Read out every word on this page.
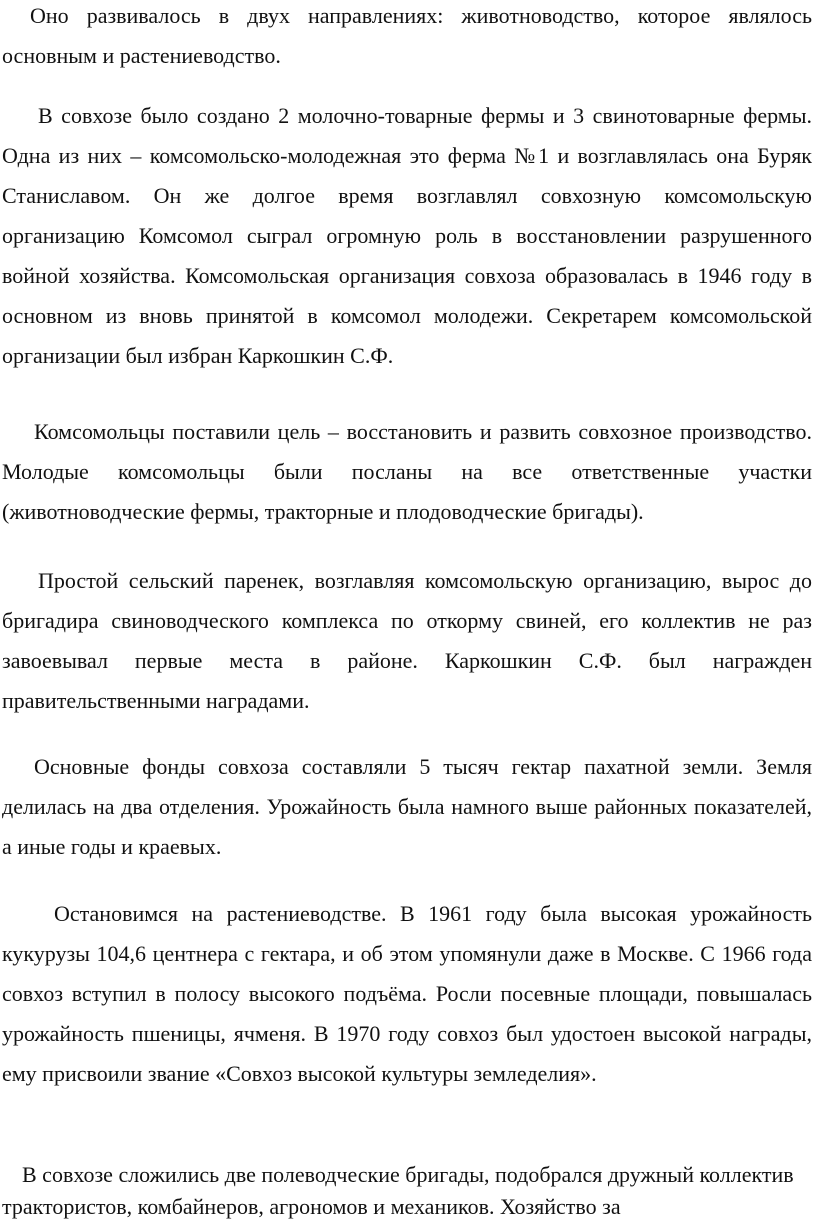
Оно развивалось в двух направлениях: животноводство, которое являлось основным и растениеводство.

В совхозе было создано 2 молочно-товарные фермы и 3 свинотоварные фермы. Одна из них – комсомольско-молодежная это ферма №1 и возглавлялась она Буряк Станиславом. Он же долгое время возглавлял совхозную комсомольскую организацию Комсомол сыграл огромную роль в восстановлении разрушенного войной хозяйства. Комсомольская организация совхоза образовалась в 1946 году в основном из вновь принятой в комсомол молодежи. Секретарем комсомольской организации был избран Каркошкин С.Ф.

Комсомольцы поставили цель – восстановить и развить совхозное производство. Молодые комсомольцы были посланы на все ответственные участки (животноводческие фермы, тракторные и плодоводческие бригады).

Простой сельский паренек, возглавляя комсомольскую организацию, вырос до бригадира свиноводческого комплекса по откорму свиней, его коллектив не раз завоевывал первые места в районе. Каркошкин С.Ф. был награжден правительственными наградами.

Основные фонды совхоза составляли 5 тысяч гектар пахатной земли. Земля делилась на два отделения. Урожайность была намного выше районных показателей, а иные годы и краевых.

Остановимся на растениеводстве. В 1961 году была высокая урожайность кукурузы 104,6 центнера с гектара, и об этом упомянули даже в Москве. С 1966 года совхоз вступил в полосу высокого подъёма. Росли посевные площади, повышалась урожайность пшеницы, ячменя. В 1970 году совхоз был удостоен высокой награды, ему присвоили звание «Совхоз высокой культуры земледелия».

В совхозе сложились две полеводческие бригады, подобрался дружный коллектив трактористов, комбайнеров, агрономов и механиков. Хозяйство за
